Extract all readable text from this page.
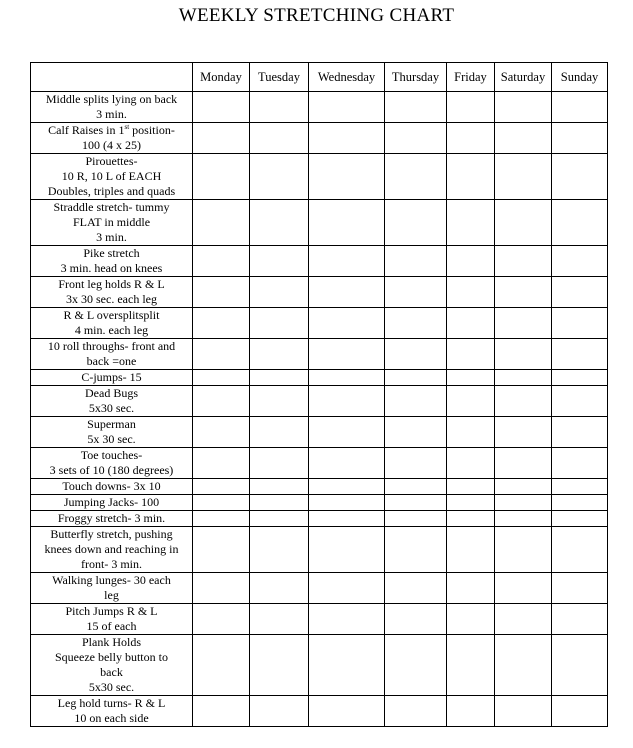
WEEKLY STRETCHING CHART
	Monday	Tuesday	Wednesday	Thursday	Friday	Saturday	Sunday

Middle splits lying on back
3 min.							

Calf Raises in 1st position-
100 (4 x 25)							

Pirouettes-
10 R, 10 L of EACH
Doubles, triples and quads							

Straddle stretch- tummy
FLAT in middle
3 min.							

Pike stretch
3 min. head on knees							

Front leg holds R & L
3x 30 sec. each leg							

R & L oversplitsplit
4 min. each leg							

10 roll throughs- front and
back =one							

C-jumps- 15							

Dead Bugs
5x30 sec.							

Superman
5x 30 sec.							

Toe touches-
3 sets of 10 (180 degrees)							

Touch downs- 3x 10							

Jumping Jacks- 100							

Froggy stretch- 3 min.							

Butterfly stretch, pushing
knees down and reaching in
front- 3 min.							

Walking lunges- 30 each
leg							

Pitch Jumps R & L
15 of each							

Plank Holds
Squeeze belly button to
back
5x30 sec.							

Leg hold turns- R & L
10 on each side							
